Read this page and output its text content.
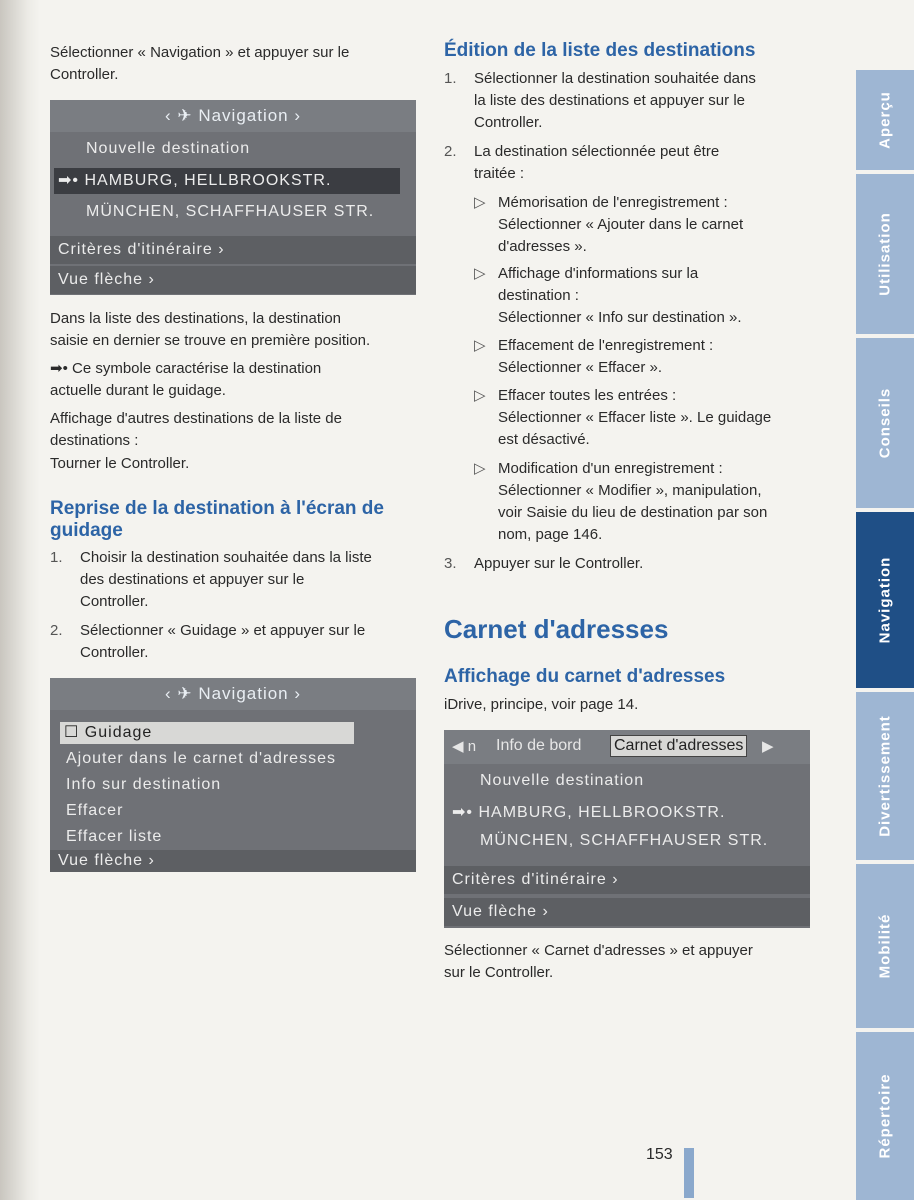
Sélectionner « Navigation » et appuyer sur le

Controller.

‹ ✈ Navigation ›
Nouvelle destination
➡• HAMBURG, HELLBROOKSTR.
MÜNCHEN, SCHAFFHAUSER STR.
Critères d'itinéraire ›
Vue flèche ›

Dans la liste des destinations, la destination

saisie en dernier se trouve en première position.

➡• Ce symbole caractérise la destination

actuelle durant le guidage.

Affichage d'autres destinations de la liste de

destinations :

Tourner le Controller.

Reprise de la destination à l'écran de

guidage

1. Choisir la destination souhaitée dans la liste
des destinations et appuyer sur le
Controller.
2. Sélectionner « Guidage » et appuyer sur le
Controller.
‹ ✈ Navigation ›
☐ Guidage
Ajouter dans le carnet d'adresses
Info sur destination
Effacer
Effacer liste
Vue flèche ›

Édition de la liste des destinations

1. Sélectionner la destination souhaitée dans
la liste des destinations et appuyer sur le
Controller.
2. La destination sélectionnée peut être
traitée :
▷ Mémorisation de l'enregistrement :
Sélectionner « Ajouter dans le carnet
d'adresses ».
▷ Affichage d'informations sur la
destination :
Sélectionner « Info sur destination ».
▷ Effacement de l'enregistrement :
Sélectionner « Effacer ».
▷ Effacer toutes les entrées :
Sélectionner « Effacer liste ». Le guidage
est désactivé.
▷ Modification d'un enregistrement :
Sélectionner « Modifier », manipulation,
voir Saisie du lieu de destination par son
nom, page 146.
3. Appuyer sur le Controller.

Carnet d'adresses

Affichage du carnet d'adresses

iDrive, principe, voir page 14.

◀ n Info de bord Carnet d'adresses ▶
Nouvelle destination
➡• HAMBURG, HELLBROOKSTR.
MÜNCHEN, SCHAFFHAUSER STR.
Critères d'itinéraire ›
Vue flèche ›

Sélectionner « Carnet d'adresses » et appuyer

sur le Controller.

Aperçu
Utilisation
Conseils
Navigation
Divertissement
Mobilité
Répertoire
153
